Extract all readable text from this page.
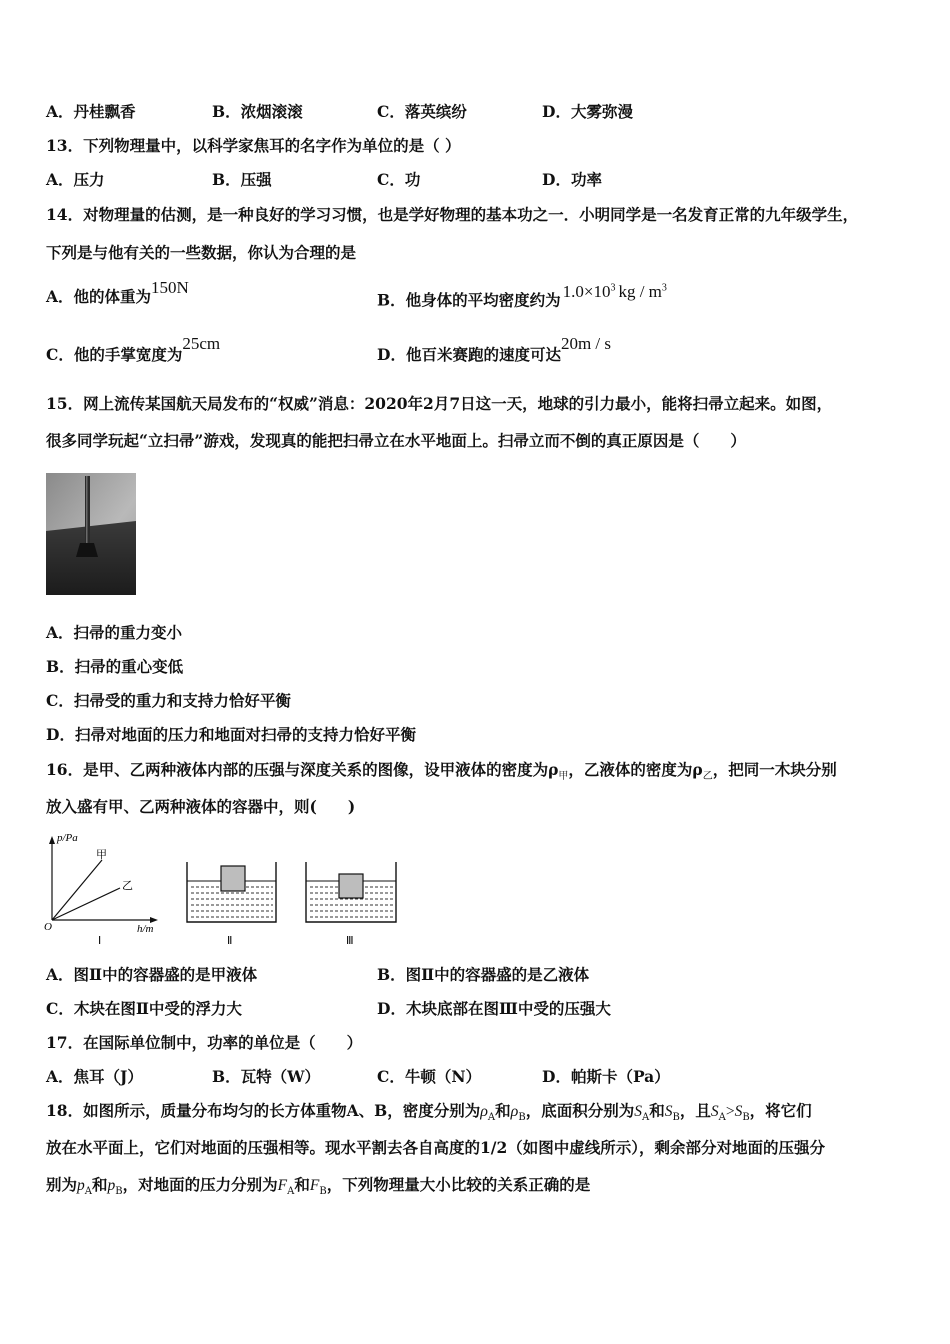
A．丹桂飘香	B．浓烟滚滚	C．落英缤纷	D．大雾弥漫
13．下列物理量中，以科学家焦耳的名字作为单位的是（ ）
A．压力	B．压强	C．功	D．功率
14．对物理量的估测，是一种良好的学习习惯，也是学好物理的基本功之一．小明同学是一名发育正常的九年级学生，
下列是与他有关的一些数据，你认为合理的是
A．他的体重为150N
B．他身体的平均密度约为 $1.0\times 10^3$ kg / $m^3$
C．他的手掌宽度为25cm
D．他百米赛跑的速度可达20m / s
15．网上流传某国航天局发布的“权威”消息：2020年2月7日这一天，地球的引力最小，能将扫帚立起来。如图，
很多同学玩起“立扫帚”游戏，发现真的能把扫帚立在水平地面上。扫帚立而不倒的真正原因是（　　）
A．扫帚的重力变小
B．扫帚的重心变低
C．扫帚受的重力和支持力恰好平衡
D．扫帚对地面的压力和地面对扫帚的支持力恰好平衡
16．是甲、乙两种液体内部的压强与深度关系的图像，设甲液体的密度为$\rho_甲$，乙液体的密度为$\rho_乙$，把同一木块分别
放入盛有甲、乙两种液体的容器中，则(　　)
p/Pa
甲
乙
O	h/m
Ⅰ	Ⅱ	Ⅲ
A．图Ⅱ中的容器盛的是甲液体	B．图Ⅱ中的容器盛的是乙液体
C．木块在图Ⅱ中受的浮力大	D．木块底部在图Ⅲ中受的压强大
17．在国际单位制中，功率的单位是（　　）
A．焦耳（J）	B．瓦特（W）	C．牛顿（N）	D．帕斯卡（Pa）
18．如图所示，质量分布均匀的长方体重物A、B，密度分别为$\rho_A$和$\rho_B$，底面积分别为$S_A$和$S_B$，且$S_A>S_B$，将它们
放在水平面上，它们对地面的压强相等。现水平割去各自高度的1/2（如图中虚线所示），剩余部分对地面的压强分
别为$p_A$和$p_B$，对地面的压力分别为$F_A$和$F_B$，下列物理量大小比较的关系正确的是
